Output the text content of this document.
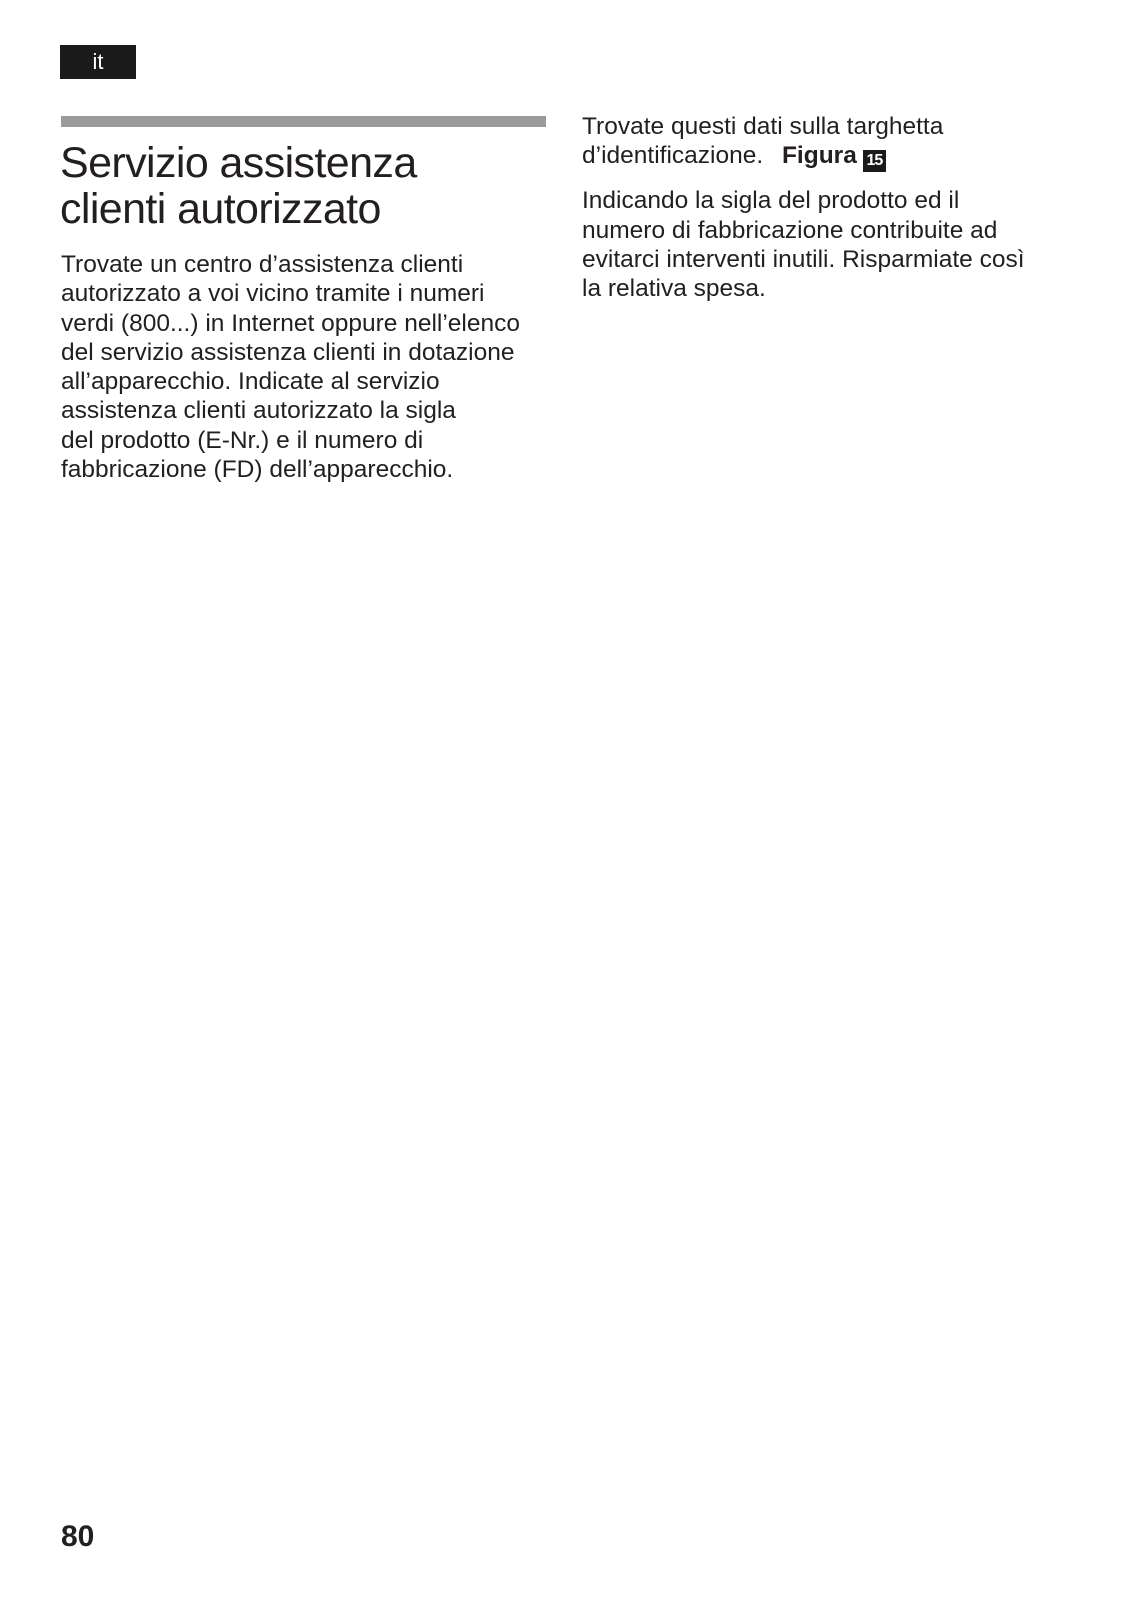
it
Servizio assistenza
clienti autorizzato

Trovate un centro d’assistenza clienti
autorizzato a voi vicino tramite i numeri
verdi (800...) in Internet oppure nell’elenco
del servizio assistenza clienti in dotazione
all’apparecchio. Indicate al servizio
assistenza clienti autorizzato la sigla
del prodotto (E-Nr.) e il numero di
fabbricazione (FD) dell’apparecchio.

Trovate questi dati sulla targhetta
d’identificazione. Figura 15

Indicando la sigla del prodotto ed il
numero di fabbricazione contribuite ad
evitarci interventi inutili. Risparmiate così
la relativa spesa.

80
